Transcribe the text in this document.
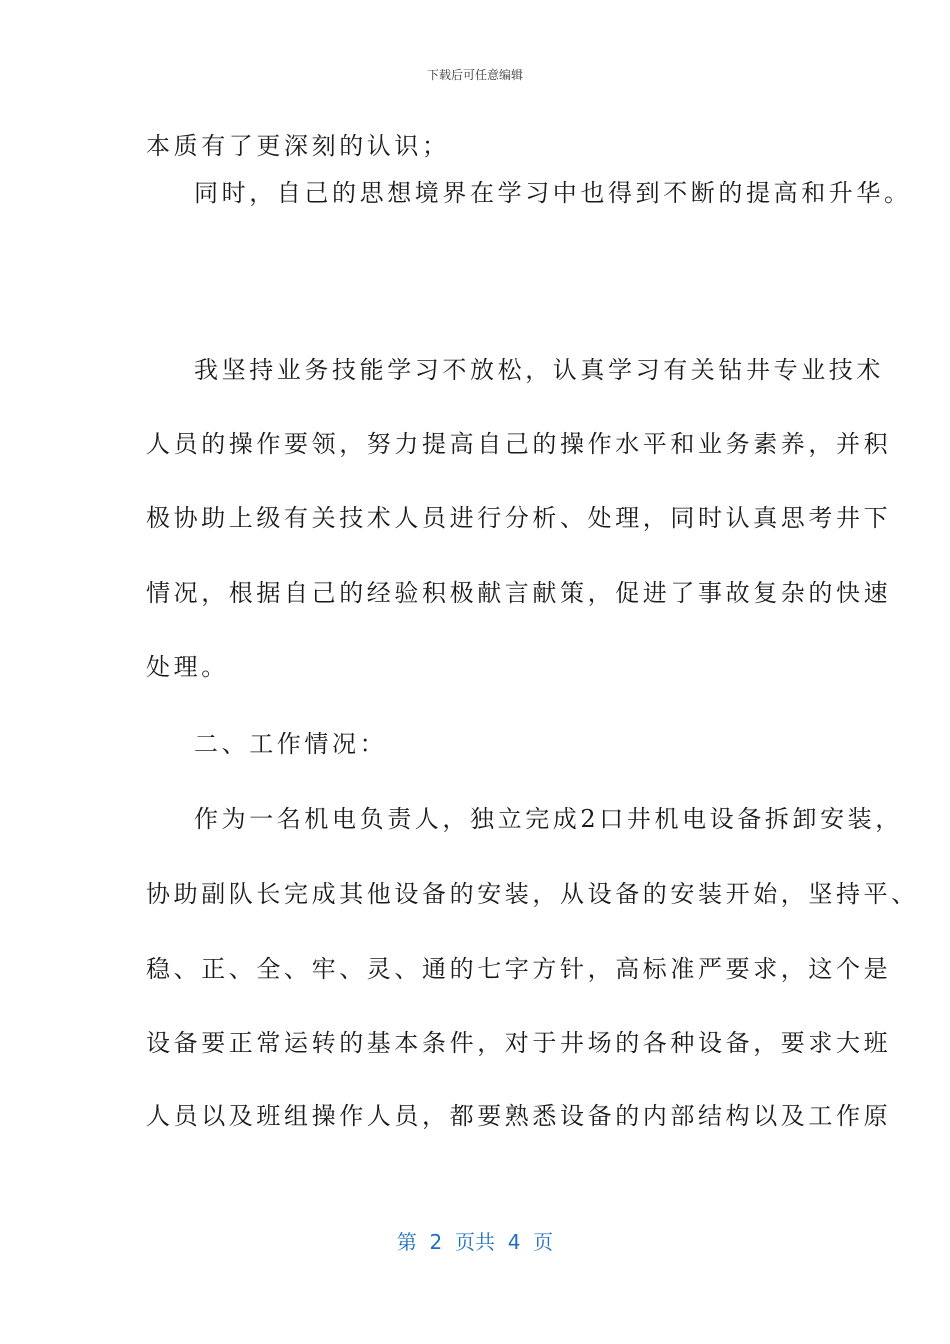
下载后可任意编辑
本质有了更深刻的认识；
同时，自己的思想境界在学习中也得到不断的提高和升华。
我坚持业务技能学习不放松，认真学习有关钻井专业技术
人员的操作要领，努力提高自己的操作水平和业务素养，并积
极协助上级有关技术人员进行分析、处理，同时认真思考井下
情况，根据自己的经验积极献言献策，促进了事故复杂的快速
处理。
二、工作情况：
作为一名机电负责人，独立完成2口井机电设备拆卸安装，
协助副队长完成其他设备的安装，从设备的安装开始，坚持平、
稳、正、全、牢、灵、通的七字方针，高标准严要求，这个是
设备要正常运转的基本条件，对于井场的各种设备，要求大班
人员以及班组操作人员，都要熟悉设备的内部结构以及工作原
第  2  页共  4  页
